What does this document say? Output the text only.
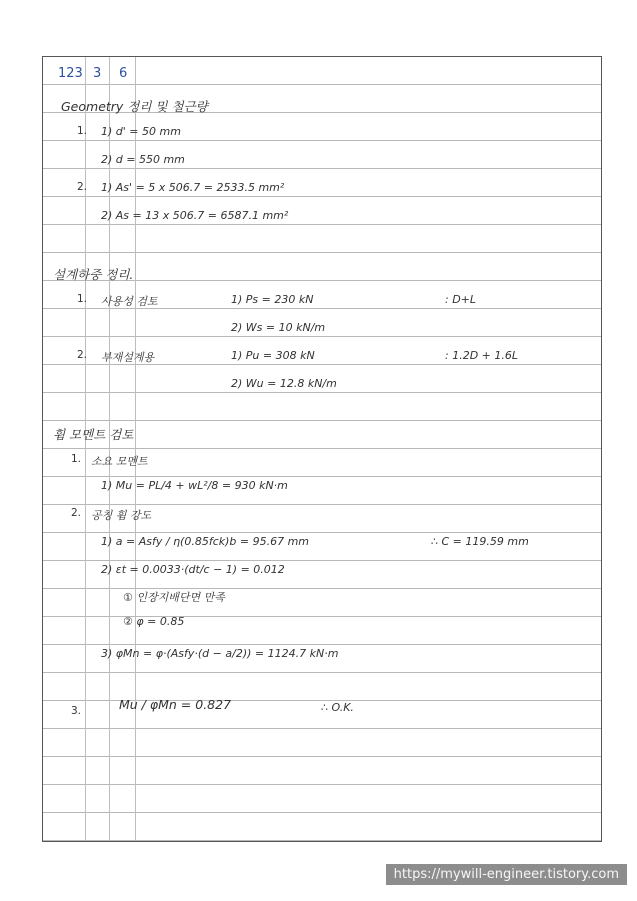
123 3 6
Geometry 정리 및 철근량
1. 1) d' = 50 mm
2) d = 550 mm
2. 1) As' = 5 x 506.7 = 2533.5 mm²
2) As = 13 x 506.7 = 6587.1 mm²
설계하중 정리.
1. 사용성 검토	1) Ps = 230 kN	: D+L
2) Ws = 10 kN/m
2. 부재설계용	1) Pu = 308 kN	: 1.2D + 1.6L
2) Wu = 12.8 kN/m
휨 모멘트 검토
1. 소요 모멘트
1) Mu = PL/4 + wL²/8 = 930 kN·m
2. 공칭 휨 강도
1) a = Asfy / η(0.85fck)b = 95.67 mm	∴ C = 119.59 mm
2) εt = 0.0033·(dt/c − 1) = 0.012
① 인장지배단면 만족
② φ = 0.85
3) φMn = φ·(Asfy·(d − a/2)) = 1124.7 kN·m
3.	Mu / φMn = 0.827	∴ O.K.
https://mywill-engineer.tistory.com
